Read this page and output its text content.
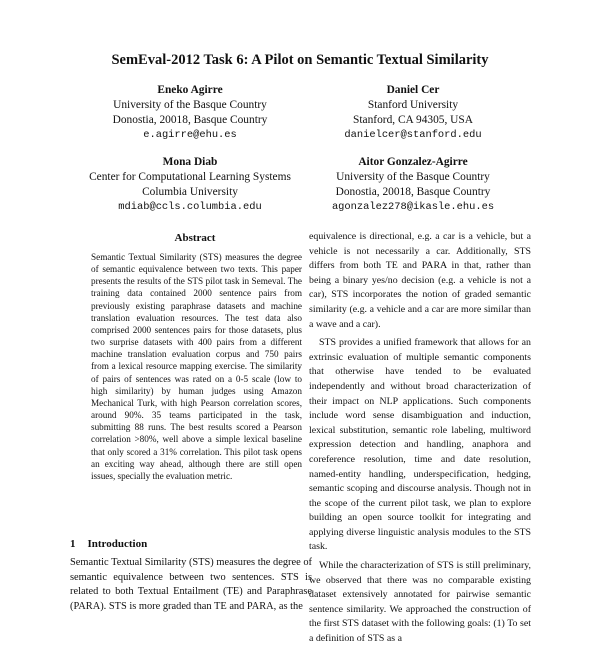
SemEval-2012 Task 6: A Pilot on Semantic Textual Similarity
Eneko Agirre
University of the Basque Country
Donostia, 20018, Basque Country
e.agirre@ehu.es
Daniel Cer
Stanford University
Stanford, CA 94305, USA
danielcer@stanford.edu
Mona Diab
Center for Computational Learning Systems
Columbia University
mdiab@ccls.columbia.edu
Aitor Gonzalez-Agirre
University of the Basque Country
Donostia, 20018, Basque Country
agonzalez278@ikasle.ehu.es
Abstract
Semantic Textual Similarity (STS) measures the degree of semantic equivalence between two texts. This paper presents the results of the STS pilot task in Semeval. The training data contained 2000 sentence pairs from previously existing paraphrase datasets and machine translation evaluation resources. The test data also comprised 2000 sentences pairs for those datasets, plus two surprise datasets with 400 pairs from a different machine translation evaluation corpus and 750 pairs from a lexical resource mapping exercise. The similarity of pairs of sentences was rated on a 0-5 scale (low to high similarity) by human judges using Amazon Mechanical Turk, with high Pearson correlation scores, around 90%. 35 teams participated in the task, submitting 88 runs. The best results scored a Pearson correlation >80%, well above a simple lexical baseline that only scored a 31% correlation. This pilot task opens an exciting way ahead, although there are still open issues, specially the evaluation metric.
1 Introduction
Semantic Textual Similarity (STS) measures the degree of semantic equivalence between two sentences. STS is related to both Textual Entailment (TE) and Paraphrase (PARA). STS is more graded than TE and PARA, as the

equivalence is directional, e.g. a car is a vehicle, but a vehicle is not necessarily a car. Additionally, STS differs from both TE and PARA in that, rather than being a binary yes/no decision (e.g. a vehicle is not a car), STS incorporates the notion of graded semantic similarity (e.g. a vehicle and a car are more similar than a wave and a car).

STS provides a unified framework that allows for an extrinsic evaluation of multiple semantic components that otherwise have tended to be evaluated independently and without broad characterization of their impact on NLP applications. Such components include word sense disambiguation and induction, lexical substitution, semantic role labeling, multiword expression detection and handling, anaphora and coreference resolution, time and date resolution, named-entity handling, underspecification, hedging, semantic scoping and discourse analysis. Though not in the scope of the current pilot task, we plan to explore building an open source toolkit for integrating and applying diverse linguistic analysis modules to the STS task.

While the characterization of STS is still preliminary, we observed that there was no comparable existing dataset extensively annotated for pairwise semantic sentence similarity. We approached the construction of the first STS dataset with the following goals: (1) To set a definition of STS as a
